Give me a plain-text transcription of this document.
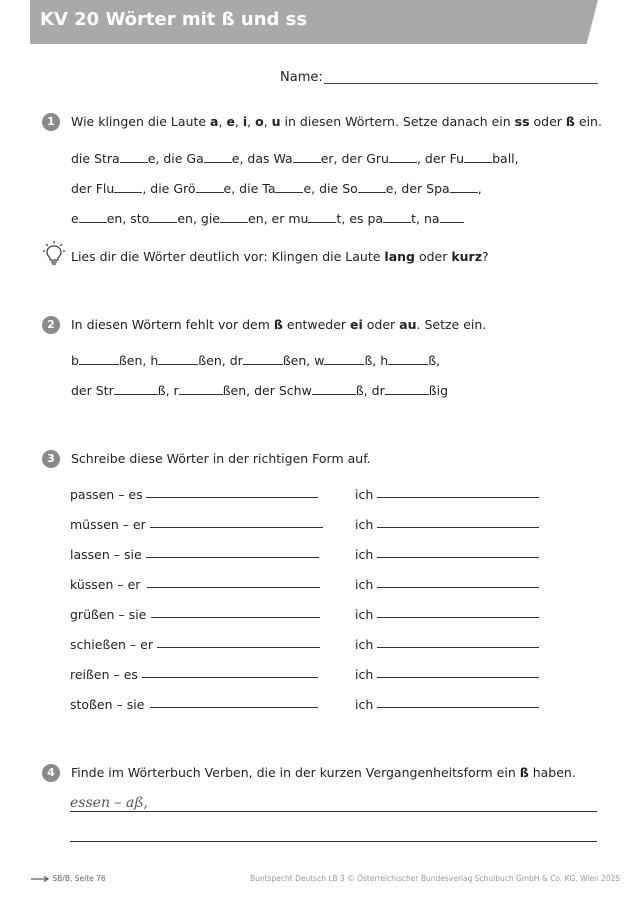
KV 20 Wörter mit ß und ss
Name:
1	Wie klingen die Laute a, e, i, o, u in diesen Wörtern. Setze danach ein ss oder ß ein.
die Stra e, die Ga e, das Wa er, der Gru , der Fu ball,
der Flu , die Grö e, die Ta e, die So e, der Spa ,
e en, sto en, gie en, er mu t, es pa t, na
Lies dir die Wörter deutlich vor: Klingen die Laute lang oder kurz?
2	In diesen Wörtern fehlt vor dem ß entweder ei oder au. Setze ein.
b	ßen, h	ßen, dr	ßen, w	ß, h	ß,
der Str	ß, r	ßen, der Schw	ß, dr	ßig
3	Schreibe diese Wörter in der richtigen Form auf.
passen – es	ich
müssen – er	ich
lassen – sie	ich
küssen – er	ich
grüßen – sie	ich
schießen – er	ich
reißen – es	ich
stoßen – sie	ich
4	Finde im Wörterbuch Verben, die in der kurzen Vergangenheitsform ein ß haben.
essen – aß,
SB/B, Seite 76	Buntspecht Deutsch LB 3 © Österreichischer Bundesverlag Schulbuch GmbH & Co. KG, Wien 2025
